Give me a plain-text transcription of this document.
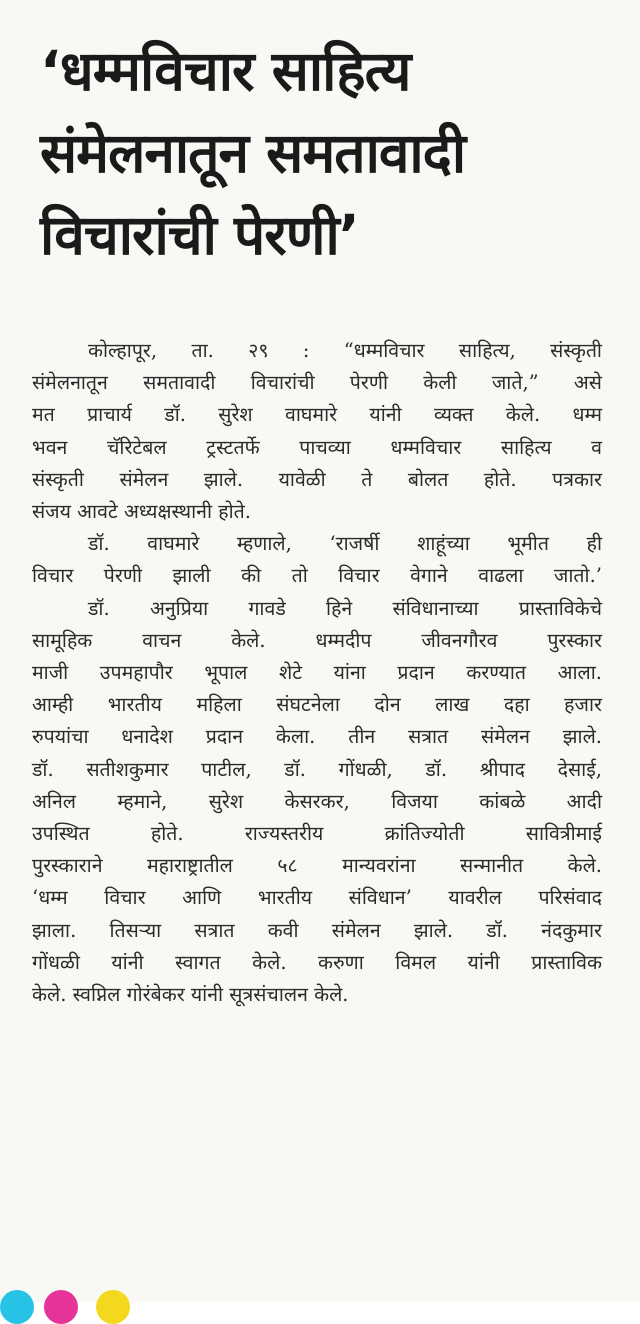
‘धम्मविचार साहित्य
संमेलनातून समतावादी
विचारांची पेरणी’

कोल्हापूर, ता. २९ : “धम्मविचार साहित्य, संस्कृती
संमेलनातून समतावादी विचारांची पेरणी केली जाते,” असे
मत प्राचार्य डॉ. सुरेश वाघमारे यांनी व्यक्त केले. धम्म
भवन चॅरिटेबल ट्रस्टतर्फे पाचव्या धम्मविचार साहित्य व
संस्कृती संमेलन झाले. यावेळी ते बोलत होते. पत्रकार
संजय आवटे अध्यक्षस्थानी होते.

डॉ. वाघमारे म्हणाले, ‘राजर्षी शाहूंच्या भूमीत ही
विचार पेरणी झाली की तो विचार वेगाने वाढला जातो.’

डॉ. अनुप्रिया गावडे हिने संविधानाच्या प्रास्ताविकेचे
सामूहिक वाचन केले. धम्मदीप जीवनगौरव पुरस्कार
माजी उपमहापौर भूपाल शेटे यांना प्रदान करण्यात आला.
आम्ही भारतीय महिला संघटनेला दोन लाख दहा हजार
रुपयांचा धनादेश प्रदान केला. तीन सत्रात संमेलन झाले.
डॉ. सतीशकुमार पाटील, डॉ. गोंधळी, डॉ. श्रीपाद देसाई,
अनिल म्हमाने, सुरेश केसरकर, विजया कांबळे आदी
उपस्थित होते. राज्यस्तरीय क्रांतिज्योती सावित्रीमाई
पुरस्काराने महाराष्ट्रातील ५८ मान्यवरांना सन्मानीत केले.
‘धम्म विचार आणि भारतीय संविधान’ यावरील परिसंवाद
झाला. तिसऱ्या सत्रात कवी संमेलन झाले. डॉ. नंदकुमार
गोंधळी यांनी स्वागत केले. करुणा विमल यांनी प्रास्ताविक
केले. स्वप्निल गोरंबेकर यांनी सूत्रसंचालन केले.
